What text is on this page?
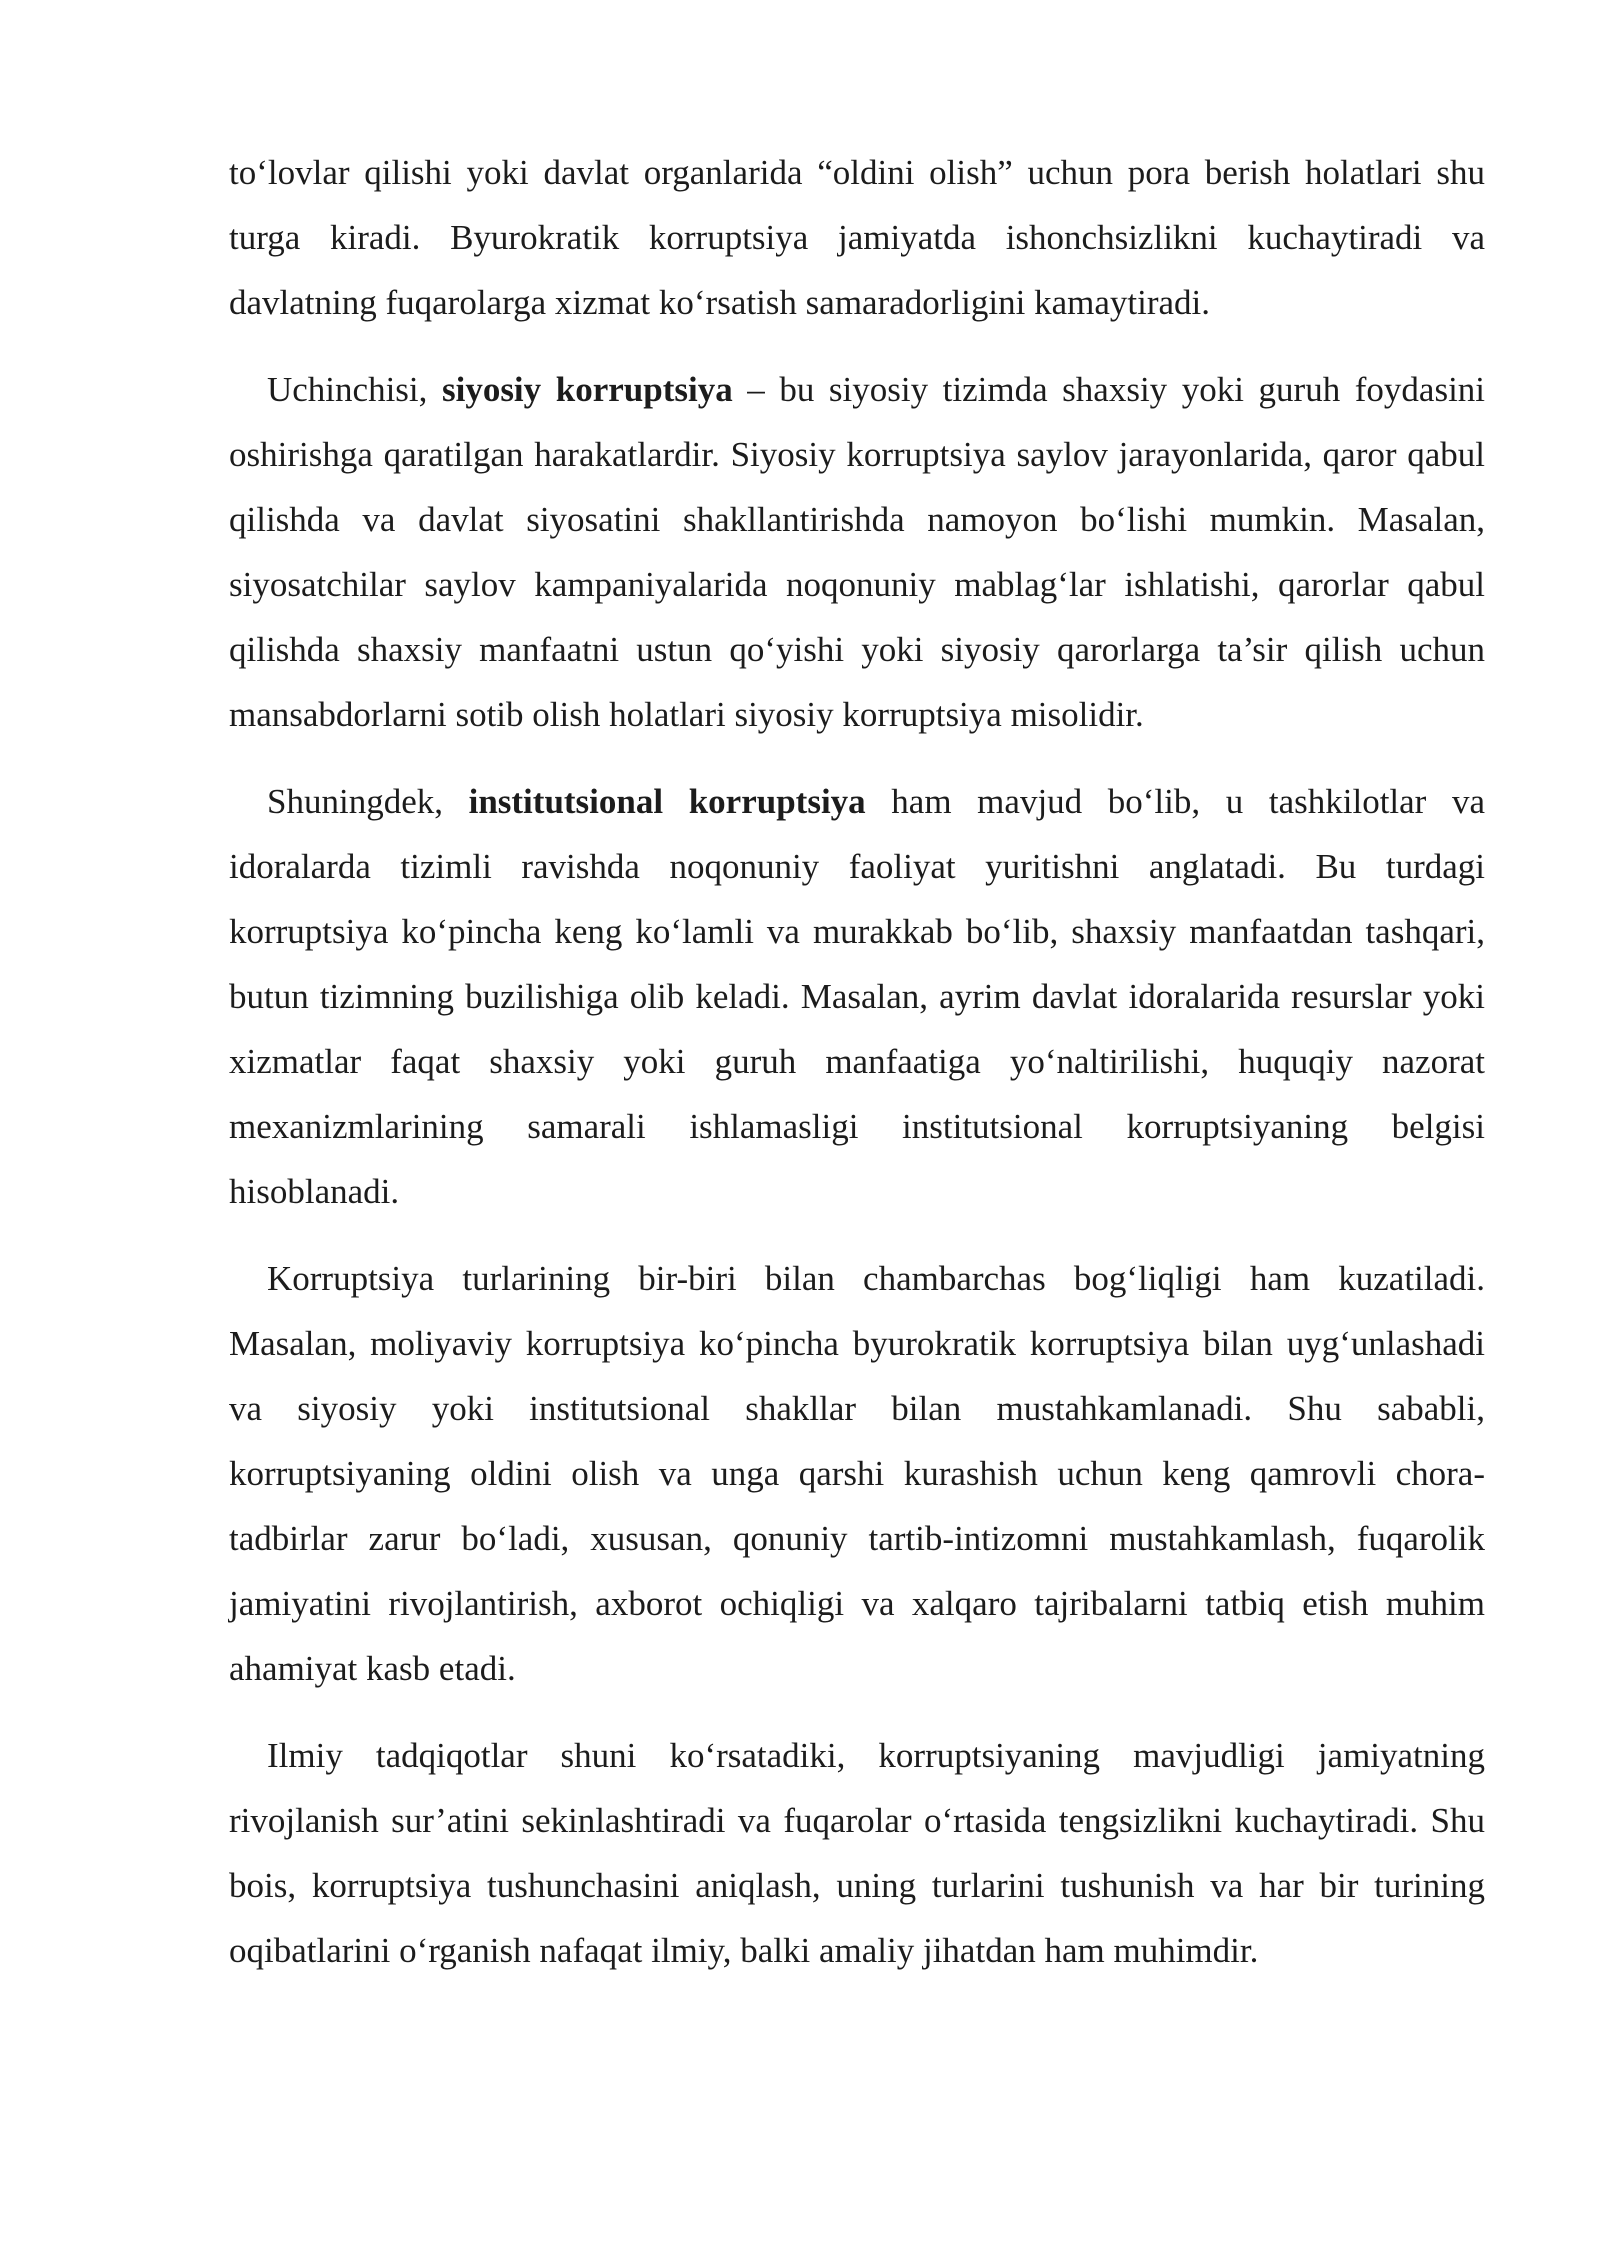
to‘lovlar qilishi yoki davlat organlarida “oldini olish” uchun pora berish holatlari shu turga kiradi. Byurokratik korruptsiya jamiyatda ishonchsizlikni kuchaytiradi va davlatning fuqarolarga xizmat ko‘rsatish samaradorligini kamaytiradi.

Uchinchisi, siyosiy korruptsiya – bu siyosiy tizimda shaxsiy yoki guruh foydasini oshirishga qaratilgan harakatlardir. Siyosiy korruptsiya saylov jarayonlarida, qaror qabul qilishda va davlat siyosatini shakllantirishda namoyon bo‘lishi mumkin. Masalan, siyosatchilar saylov kampaniyalarida noqonuniy mablag‘lar ishlatishi, qarorlar qabul qilishda shaxsiy manfaatni ustun qo‘yishi yoki siyosiy qarorlarga ta’sir qilish uchun mansabdorlarni sotib olish holatlari siyosiy korruptsiya misolidir.

Shuningdek, institutsional korruptsiya ham mavjud bo‘lib, u tashkilotlar va idoralarda tizimli ravishda noqonuniy faoliyat yuritishni anglatadi. Bu turdagi korruptsiya ko‘pincha keng ko‘lamli va murakkab bo‘lib, shaxsiy manfaatdan tashqari, butun tizimning buzilishiga olib keladi. Masalan, ayrim davlat idoralarida resurslar yoki xizmatlar faqat shaxsiy yoki guruh manfaatiga yo‘naltirilishi, huquqiy nazorat mexanizmlarining samarali ishlamasligi institutsional korruptsiyaning belgisi hisoblanadi.

Korruptsiya turlarining bir-biri bilan chambarchas bog‘liqligi ham kuzatiladi. Masalan, moliyaviy korruptsiya ko‘pincha byurokratik korruptsiya bilan uyg‘unlashadi va siyosiy yoki institutsional shakllar bilan mustahkamlanadi. Shu sababli, korruptsiyaning oldini olish va unga qarshi kurashish uchun keng qamrovli chora-tadbirlar zarur bo‘ladi, xususan, qonuniy tartib-intizomni mustahkamlash, fuqarolik jamiyatini rivojlantirish, axborot ochiqligi va xalqaro tajribalarni tatbiq etish muhim ahamiyat kasb etadi.

Ilmiy tadqiqotlar shuni ko‘rsatadiki, korruptsiyaning mavjudligi jamiyatning rivojlanish sur’atini sekinlashtiradi va fuqarolar o‘rtasida tengsizlikni kuchaytiradi. Shu bois, korruptsiya tushunchasini aniqlash, uning turlarini tushunish va har bir turining oqibatlarini o‘rganish nafaqat ilmiy, balki amaliy jihatdan ham muhimdir.
